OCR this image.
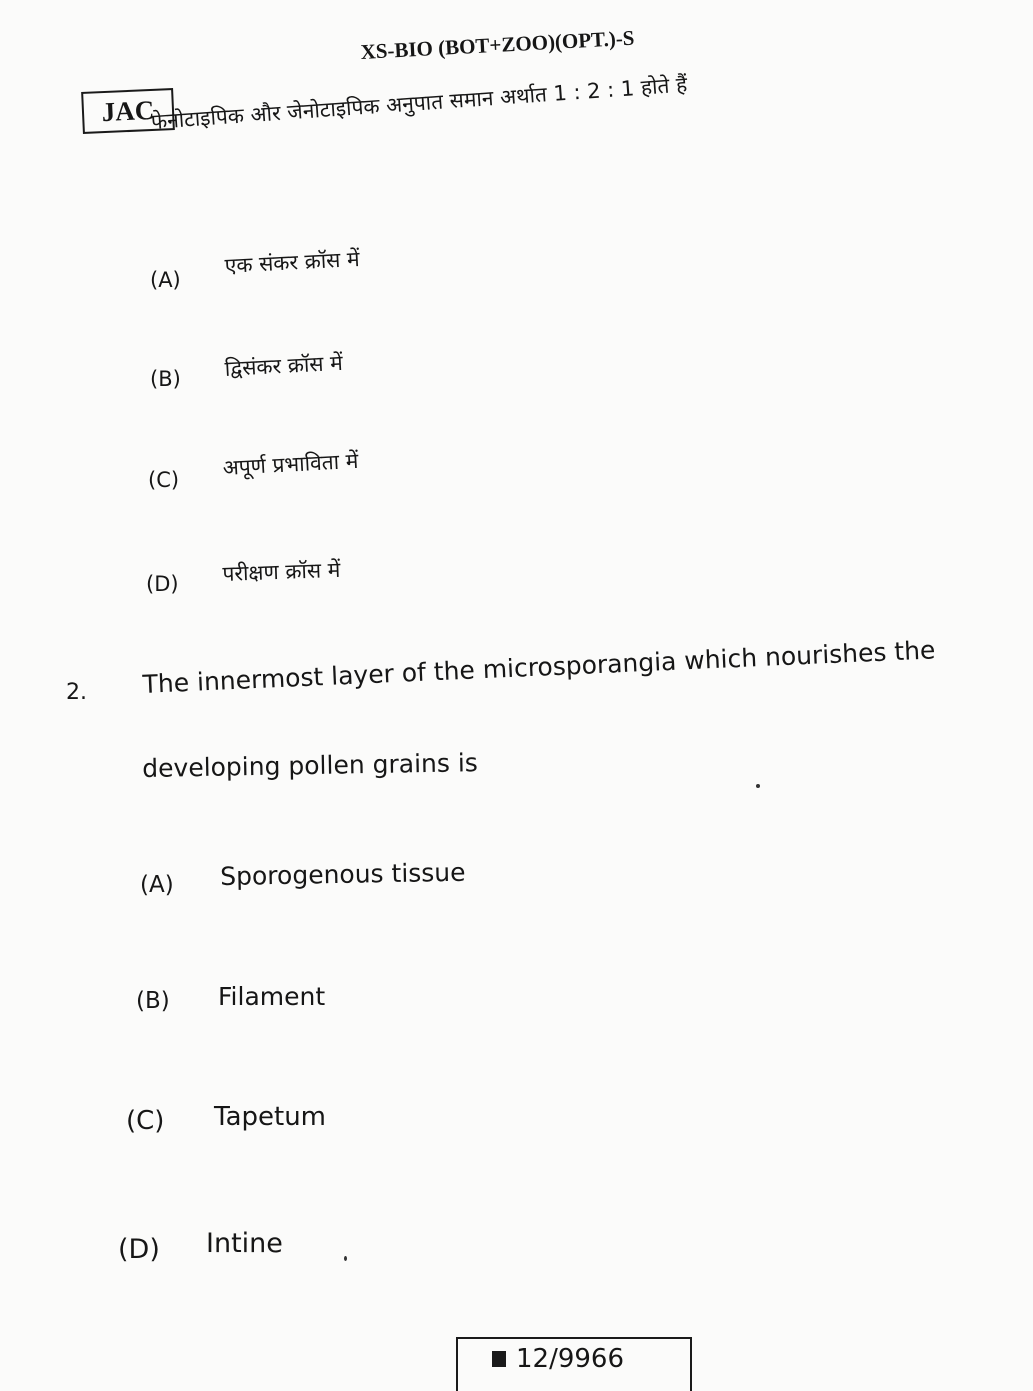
JAC
XS-BIO (BOT+ZOO)(OPT.)-S
फेनोटाइपिक और जेनोटाइपिक अनुपात समान अर्थात 1 : 2 : 1 होते हैं
(A)
एक संकर क्रॉस में
(B) द्विसंकर क्रॉस में
(C)
अपूर्ण प्रभाविता में
(D) परीक्षण क्रॉस में
2. The innermost layer of the microsporangia which nourishes the
developing pollen grains is
(A) Sporogenous tissue
(B) Filament
(C) Tapetum
(D) Intine
12/9966
